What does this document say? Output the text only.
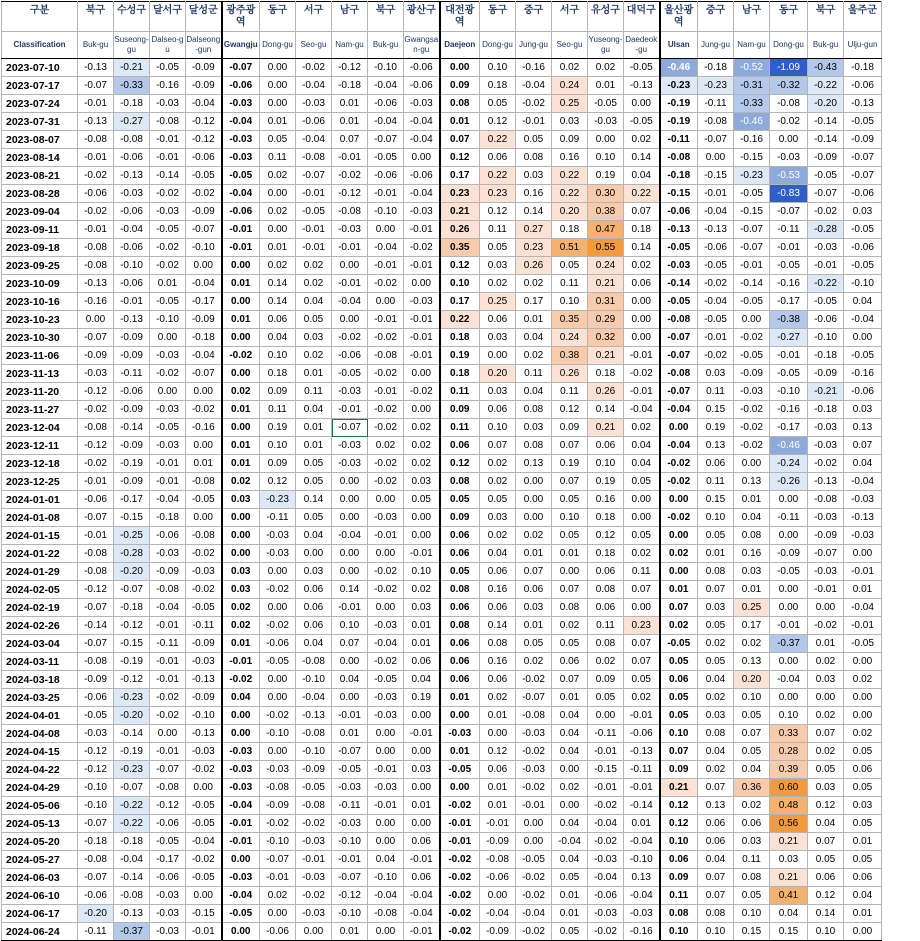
구분	북구	수성구	달서구	달성군	광주광역	동구	서구	남구	북구	광산구	대전광역	동구	중구	서구	유성구	대덕구	울산광역	중구	남구	동구	북구	울주군
Classification	Buk-gu	Suseong-gu	Dalseo-gu	Dalseong-gun	Gwangju	Dong-gu	Seo-gu	Nam-gu	Buk-gu	Gwangsan-gu	Daejeon	Dong-gu	Jung-gu	Seo-gu	Yuseong-gu	Daedeok-gu	Ulsan	Jung-gu	Nam-gu	Dong-gu	Buk-gu	Ulju-gun
2023-07-10	-0.13	-0.21	-0.05	-0.09	-0.07	0.00	-0.02	-0.12	-0.10	-0.06	0.00	0.10	-0.16	0.02	0.02	-0.05	-0.46	-0.18	-0.52	-1.09	-0.43	-0.18
2023-07-17	-0.07	-0.33	-0.16	-0.09	-0.06	0.00	-0.04	-0.18	-0.04	-0.06	0.09	0.18	-0.04	0.24	0.01	-0.13	-0.23	-0.23	-0.31	-0.32	-0.22	-0.06
2023-07-24	-0.01	-0.18	-0.03	-0.04	-0.03	0.00	-0.03	0.01	-0.06	-0.03	0.08	0.05	-0.02	0.25	-0.05	0.00	-0.19	-0.11	-0.33	-0.08	-0.20	-0.13
2023-07-31	-0.13	-0.27	-0.08	-0.12	-0.04	0.01	-0.06	0.01	-0.04	-0.04	0.01	0.12	-0.01	0.03	-0.03	-0.05	-0.19	-0.08	-0.46	-0.02	-0.14	-0.05
2023-08-07	-0.08	-0.08	-0.01	-0.12	-0.03	0.05	-0.04	0.07	-0.07	-0.04	0.07	0.22	0.05	0.09	0.00	0.02	-0.11	-0.07	-0.16	0.00	-0.14	-0.09
2023-08-14	-0.01	-0.06	-0.01	-0.06	-0.03	0.11	-0.08	-0.01	-0.05	0.00	0.12	0.06	0.08	0.16	0.10	0.14	-0.08	0.00	-0.15	-0.03	-0.09	-0.07
2023-08-21	-0.02	-0.13	-0.14	-0.05	-0.05	0.02	-0.07	-0.02	-0.06	-0.06	0.17	0.22	0.03	0.22	0.19	0.04	-0.18	-0.15	-0.23	-0.53	-0.05	-0.07
2023-08-28	-0.06	-0.03	-0.02	-0.02	-0.04	0.00	-0.01	-0.12	-0.01	-0.04	0.23	0.23	0.16	0.22	0.30	0.22	-0.15	-0.01	-0.05	-0.83	-0.07	-0.06
2023-09-04	-0.02	-0.06	-0.03	-0.09	-0.06	0.02	-0.05	-0.08	-0.10	-0.03	0.21	0.12	0.14	0.20	0.38	0.07	-0.06	-0.04	-0.15	-0.07	-0.02	0.03
2023-09-11	-0.01	-0.04	-0.05	-0.07	-0.01	0.00	-0.01	-0.03	0.00	-0.01	0.26	0.11	0.27	0.18	0.47	0.18	-0.13	-0.13	-0.07	-0.11	-0.28	-0.05
2023-09-18	-0.08	-0.06	-0.02	-0.10	-0.01	0.01	-0.01	-0.01	-0.04	-0.02	0.35	0.05	0.23	0.51	0.55	0.14	-0.05	-0.06	-0.07	-0.01	-0.03	-0.06
2023-09-25	-0.08	-0.10	-0.02	0.00	0.00	0.02	0.02	0.00	-0.01	-0.01	0.12	0.03	0.26	0.05	0.24	0.02	-0.03	-0.05	-0.01	-0.05	-0.01	-0.05
2023-10-09	-0.13	-0.06	0.01	-0.04	0.01	0.14	0.02	-0.01	-0.02	0.00	0.10	0.02	0.02	0.11	0.21	0.06	-0.14	-0.02	-0.14	-0.16	-0.22	-0.10
2023-10-16	-0.16	-0.01	-0.05	-0.17	0.00	0.14	0.04	-0.04	0.00	-0.03	0.17	0.25	0.17	0.10	0.31	0.00	-0.05	-0.04	-0.05	-0.17	-0.05	0.04
2023-10-23	0.00	-0.13	-0.10	-0.09	0.01	0.06	0.05	0.00	-0.01	-0.01	0.22	0.06	0.01	0.35	0.29	0.00	-0.08	-0.05	0.00	-0.38	-0.06	-0.04
2023-10-30	-0.07	-0.09	0.00	-0.18	0.00	0.04	0.03	-0.02	-0.02	-0.01	0.18	0.03	0.04	0.24	0.32	0.00	-0.07	-0.01	-0.02	-0.27	-0.10	0.00
2023-11-06	-0.09	-0.09	-0.03	-0.04	-0.02	0.10	0.02	-0.06	-0.08	-0.01	0.19	0.00	0.02	0.38	0.21	-0.01	-0.07	-0.02	-0.05	-0.01	-0.18	-0.05
2023-11-13	-0.03	-0.11	-0.02	-0.07	0.00	0.18	0.01	-0.05	-0.02	0.00	0.18	0.20	0.11	0.26	0.18	-0.02	-0.08	0.03	-0.09	-0.05	-0.09	-0.16
2023-11-20	-0.12	-0.06	0.00	0.00	0.02	0.09	0.11	-0.03	-0.01	-0.02	0.11	0.03	0.04	0.11	0.26	-0.01	-0.07	0.11	-0.03	-0.10	-0.21	-0.06
2023-11-27	-0.02	-0.09	-0.03	-0.02	0.01	0.11	0.04	-0.01	-0.02	0.00	0.09	0.06	0.08	0.12	0.14	-0.04	-0.04	0.15	-0.02	-0.16	-0.18	0.03
2023-12-04	-0.08	-0.14	-0.05	-0.16	0.00	0.19	0.01	-0.07	-0.02	0.02	0.11	0.10	0.03	0.09	0.21	0.02	0.00	0.19	-0.02	-0.17	-0.03	0.13
2023-12-11	-0.12	-0.09	-0.03	0.00	0.01	0.10	0.01	-0.03	0.02	0.02	0.06	0.07	0.08	0.07	0.06	0.04	-0.04	0.13	-0.02	-0.46	-0.03	0.07
2023-12-18	-0.02	-0.19	-0.01	0.01	0.01	0.09	0.05	-0.03	-0.02	0.02	0.12	0.02	0.13	0.19	0.10	0.04	-0.02	0.06	0.00	-0.24	-0.02	0.04
2023-12-25	-0.01	-0.09	-0.01	-0.08	0.02	0.12	0.05	0.00	-0.02	0.03	0.08	0.02	0.00	0.07	0.19	0.05	-0.02	0.11	0.13	-0.26	-0.13	-0.04
2024-01-01	-0.06	-0.17	-0.04	-0.05	0.03	-0.23	0.14	0.00	0.00	0.05	0.05	0.05	0.00	0.05	0.16	0.00	0.00	0.15	0.01	0.00	-0.08	-0.03
2024-01-08	-0.07	-0.15	-0.18	0.00	0.00	-0.11	0.05	0.00	-0.03	0.00	0.09	0.03	0.00	0.10	0.18	0.00	-0.02	0.10	0.04	-0.11	-0.03	-0.13
2024-01-15	-0.01	-0.25	-0.06	-0.08	0.00	-0.03	0.04	-0.04	-0.01	0.00	0.06	0.02	0.02	0.05	0.12	0.05	0.00	0.05	0.08	0.00	-0.09	-0.03
2024-01-22	-0.08	-0.28	-0.03	-0.02	0.00	-0.03	0.00	0.00	0.00	-0.01	0.06	0.04	0.01	0.01	0.18	0.02	0.02	0.01	0.16	-0.09	-0.07	0.00
2024-01-29	-0.08	-0.20	-0.09	-0.03	0.03	0.00	0.03	0.00	-0.02	0.10	0.05	0.06	0.07	0.00	0.06	0.11	0.00	0.08	0.03	-0.05	-0.03	-0.01
2024-02-05	-0.12	-0.07	-0.08	-0.02	0.03	-0.02	0.06	0.14	-0.02	0.02	0.08	0.16	0.06	0.07	0.08	0.07	0.01	0.07	0.01	0.00	-0.01	0.01
2024-02-19	-0.07	-0.18	-0.04	-0.05	0.02	0.00	0.06	-0.01	0.00	0.03	0.06	0.06	0.03	0.08	0.06	0.00	0.07	0.03	0.25	0.00	0.00	-0.04
2024-02-26	-0.14	-0.12	-0.01	-0.11	0.02	-0.02	0.06	0.10	-0.03	0.01	0.08	0.14	0.01	0.02	0.11	0.23	0.02	0.05	0.17	-0.01	-0.02	-0.01
2024-03-04	-0.07	-0.15	-0.11	-0.09	0.01	-0.06	0.04	0.07	-0.04	0.01	0.06	0.08	0.05	0.05	0.08	0.07	-0.05	0.02	0.02	-0.37	0.01	-0.05
2024-03-11	-0.08	-0.19	-0.01	-0.03	-0.01	-0.05	-0.08	0.00	-0.02	0.06	0.06	0.16	0.02	0.06	0.02	0.07	0.05	0.05	0.13	0.00	0.02	0.00
2024-03-18	-0.09	-0.12	-0.01	-0.13	-0.02	0.00	-0.10	0.04	-0.05	0.04	0.06	0.06	-0.02	0.07	0.09	0.05	0.06	0.04	0.20	-0.04	0.03	0.02
2024-03-25	-0.06	-0.23	-0.02	-0.09	0.04	0.00	-0.04	0.00	-0.03	0.19	0.01	0.02	-0.07	0.01	0.05	0.02	0.05	0.02	0.10	0.00	0.00	0.00
2024-04-01	-0.05	-0.20	-0.02	-0.10	0.00	-0.02	-0.13	-0.01	-0.03	0.00	0.00	0.01	-0.08	0.04	0.00	-0.01	0.05	0.03	0.05	0.10	0.02	0.00
2024-04-08	-0.03	-0.14	0.00	-0.13	0.00	-0.10	-0.08	0.01	0.00	-0.01	-0.03	0.00	-0.03	0.04	-0.11	-0.06	0.10	0.08	0.07	0.33	0.07	0.02
2024-04-15	-0.12	-0.19	-0.01	-0.03	-0.03	0.00	-0.10	-0.07	0.00	0.00	0.01	0.12	-0.02	0.04	-0.01	-0.13	0.07	0.04	0.05	0.28	0.02	0.05
2024-04-22	-0.12	-0.23	-0.07	-0.02	-0.03	-0.03	-0.09	-0.05	-0.01	0.03	-0.05	0.06	-0.03	0.00	-0.15	-0.11	0.09	0.02	0.04	0.39	0.05	0.06
2024-04-29	-0.10	-0.07	-0.08	0.00	-0.03	-0.08	-0.05	-0.03	-0.03	0.00	0.00	0.01	-0.02	0.02	-0.01	-0.01	0.21	0.07	0.36	0.60	0.03	0.05
2024-05-06	-0.10	-0.22	-0.12	-0.05	-0.04	-0.09	-0.08	-0.11	-0.01	0.01	-0.02	0.01	-0.01	0.00	-0.02	-0.14	0.12	0.13	0.02	0.48	0.12	0.03
2024-05-13	-0.07	-0.22	-0.06	-0.05	-0.01	-0.02	-0.02	-0.03	0.00	0.00	-0.01	-0.01	0.00	0.04	-0.04	0.01	0.12	0.06	0.06	0.56	0.04	0.05
2024-05-20	-0.18	-0.18	-0.05	-0.04	-0.01	-0.10	-0.03	-0.10	0.00	0.06	-0.01	-0.09	0.00	-0.04	-0.02	-0.04	0.10	0.06	0.03	0.21	0.07	0.01
2024-05-27	-0.08	-0.04	-0.17	-0.02	0.00	-0.07	-0.01	-0.01	0.04	-0.01	-0.02	-0.08	-0.05	0.04	-0.03	-0.10	0.06	0.04	0.11	0.03	0.05	0.05
2024-06-03	-0.07	-0.14	-0.06	-0.05	-0.03	-0.01	-0.03	-0.07	-0.10	0.06	-0.02	-0.06	-0.02	0.05	-0.04	0.13	0.09	0.07	0.08	0.21	0.06	0.06
2024-06-10	-0.06	-0.08	-0.03	0.00	-0.04	0.02	-0.02	-0.12	-0.04	-0.04	-0.02	0.00	-0.02	0.01	-0.06	-0.04	0.11	0.07	0.05	0.41	0.12	0.04
2024-06-17	-0.20	-0.13	-0.03	-0.15	-0.05	0.00	-0.03	-0.10	-0.08	-0.04	-0.02	-0.04	-0.04	0.01	-0.03	-0.03	0.08	0.08	0.10	0.04	0.14	0.01
2024-06-24	-0.11	-0.37	-0.03	-0.01	0.00	-0.06	0.00	0.01	0.00	-0.01	-0.02	-0.09	-0.02	0.05	-0.02	-0.16	0.10	0.10	0.15	0.15	0.10	0.00
